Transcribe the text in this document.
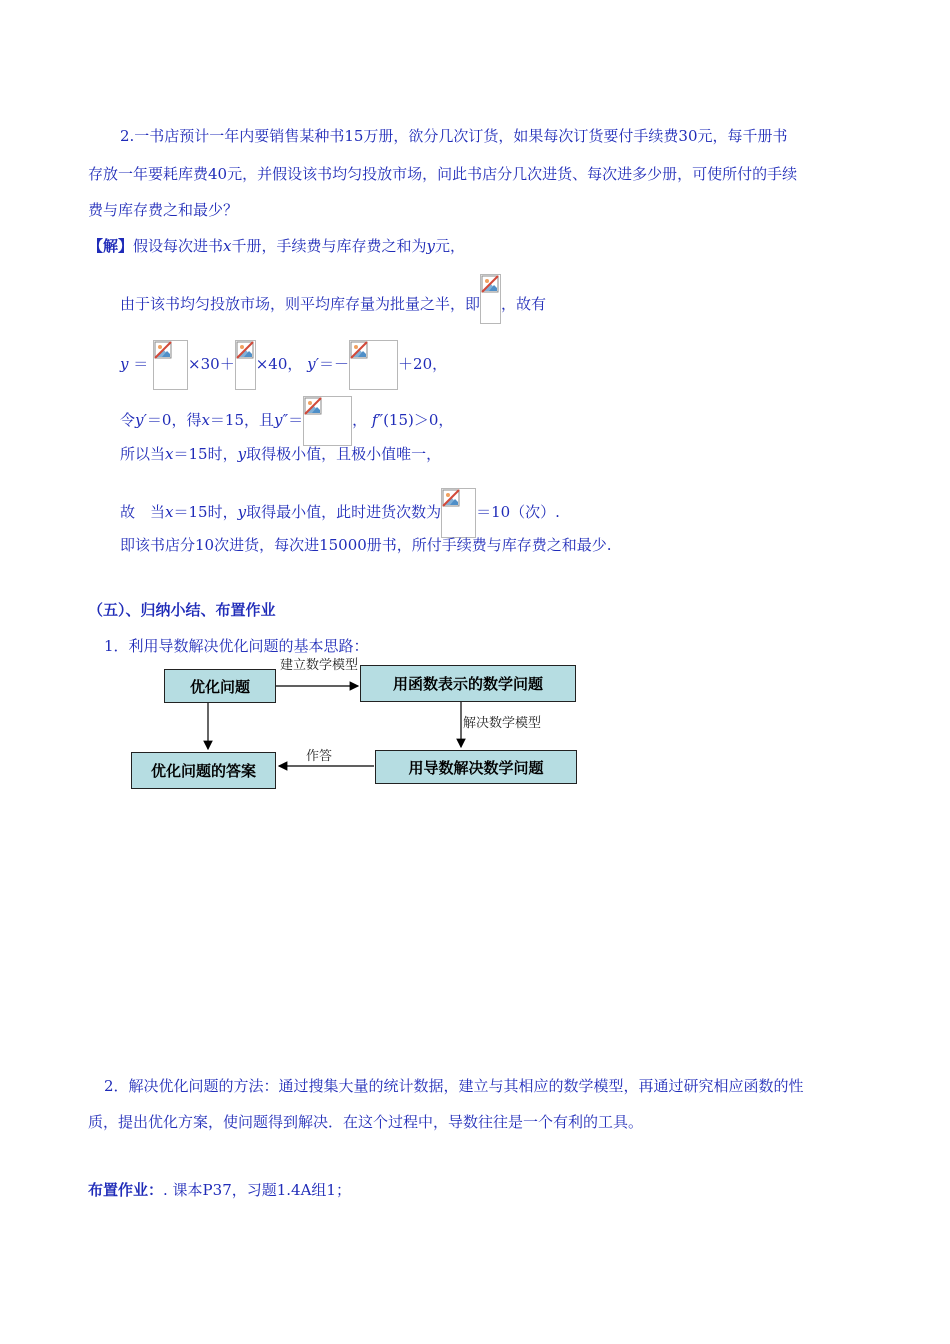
2.一书店预计一年内要销售某种书15万册，欲分几次订货，如果每次订货要付手续费30元，每千册书
存放一年要耗库费40元，并假设该书均匀投放市场，问此书店分几次进货、每次进多少册，可使所付的手续
费与库存费之和最少？
【解】假设每次进书x千册，手续费与库存费之和为y元，
由于该书均匀投放市场，则平均库存量为批量之半，即 ，故有
y ＝	×30＋ ×40， y′＝－	＋20，
令y′＝0，得x＝15，且y″＝	， f″(15)＞0，
所以当x＝15时，y取得极小值，且极小值唯一，
故　当x＝15时，y取得最小值，此时进货次数为 ＝10（次）.
即该书店分10次进货，每次进15000册书，所付手续费与库存费之和最少.
（五）、归纳小结、布置作业
1．利用导数解决优化问题的基本思路：
优化问题	用函数表示的数学问题
用导数解决数学问题
优化问题的答案
建立数学模型
解决数学模型
作答
2．解决优化问题的方法：通过搜集大量的统计数据，建立与其相应的数学模型，再通过研究相应函数的性
质，提出优化方案，使问题得到解决．在这个过程中，导数往往是一个有利的工具。
布置作业：. 课本P37，习题1.4A组1；
